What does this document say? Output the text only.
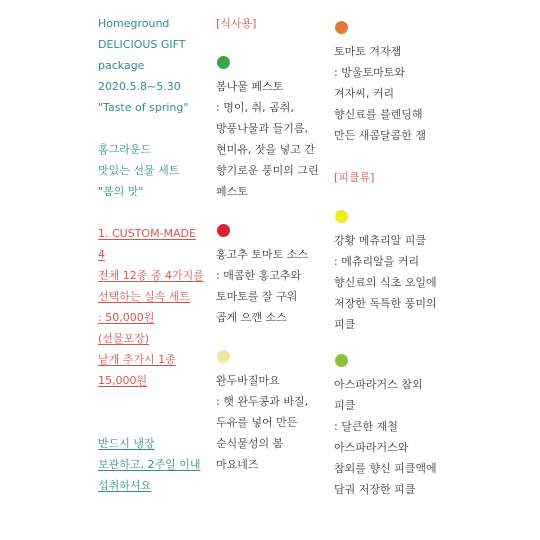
Homeground
DELICIOUS GIFT
package
2020.5.8~5.30
"Taste of spring"
홈그라운드
맛있는 선물 세트
"봄의 맛"
1. CUSTOM-MADE
4
전체 12종 중 4가지를
선택하는 실속 세트
: 50,000원
(선물포장)
낱개 추가시 1종
15,000원
반드시 냉장
보관하고, 2주일 이내
섭취하셔요
[식사용]
봄나물 페스토
: 명이, 취, 곰취,
방풍나물과 들기름,
현미유, 잣을 넣고 간
향기로운 풍미의 그린
페스토
홍고추 토마토 소스
: 매콤한 홍고추와
토마토를 잘 구워
곱게 으깬 소스
완두바질마요
: 햇 완두콩과 바질,
두유를 넣어 만든
순식물성의 봄
마요네즈
토마토 겨자잼
: 방울토마토와
겨자씨, 커리
향신료를 블렌딩해
만든 새콤달콤한 잼
[피클류]
강황 메츄리알 피클
: 메츄리알을 커리
향신료의 식초 오일에
저장한 독특한 풍미의
피클
아스파라거스 참외
피클
: 달큰한 재철
아스파라거스와
참외를 향신 피클액에
담궈 저장한 피클
